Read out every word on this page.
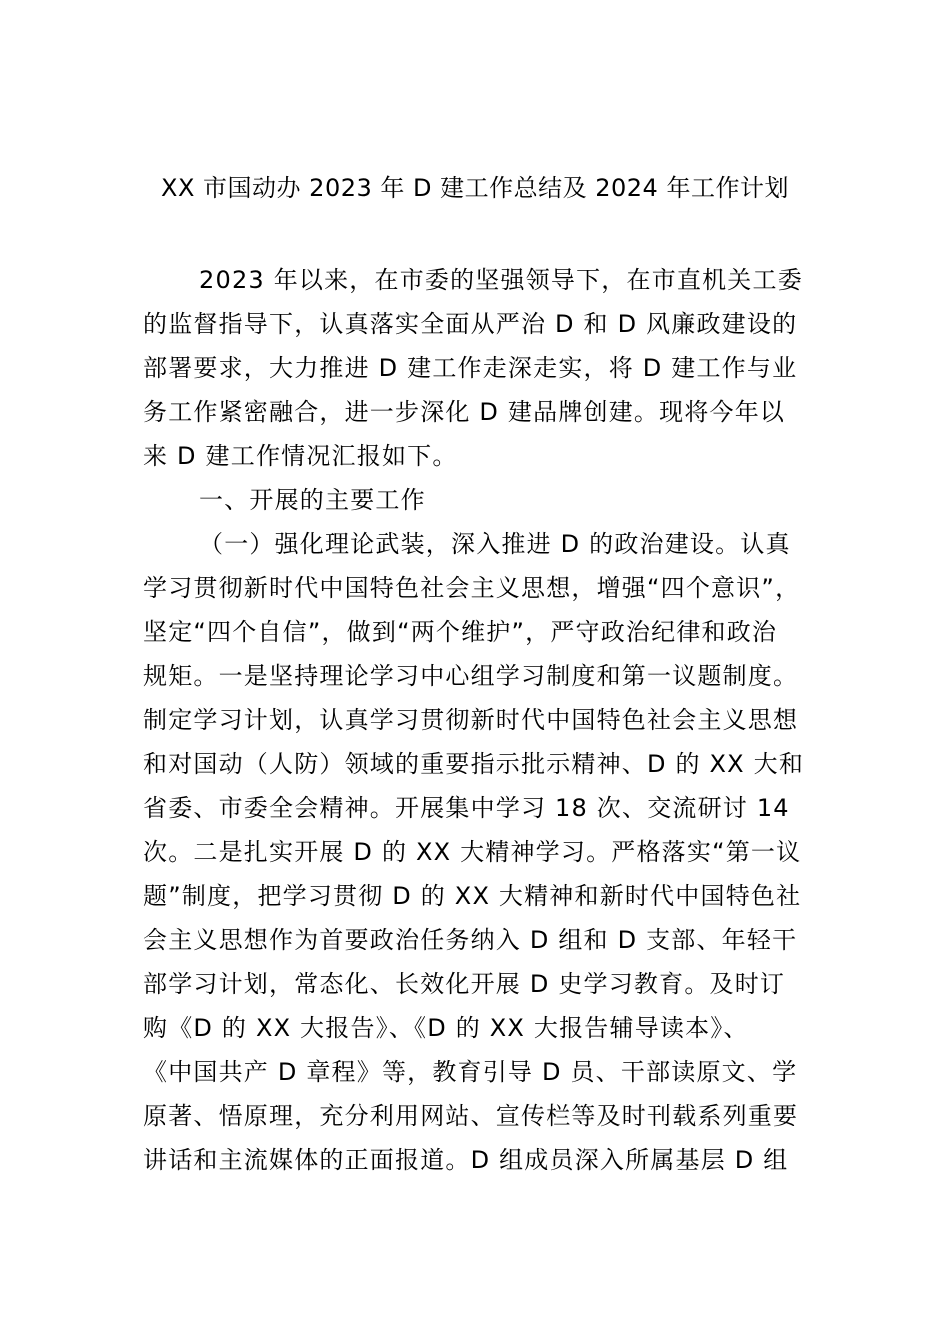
XX 市国动办 2023 年 D 建工作总结及 2024 年工作计划
2023 年以来，在市委的坚强领导下，在市直机关工委
的监督指导下，认真落实全面从严治 D 和 D 风廉政建设的
部署要求，大力推进 D 建工作走深走实，将 D 建工作与业
务工作紧密融合，进一步深化 D 建品牌创建。现将今年以
来 D 建工作情况汇报如下。
一、开展的主要工作
（一）强化理论武装，深入推进 D 的政治建设。认真
学习贯彻新时代中国特色社会主义思想，增强“四个意识”，
坚定“四个自信”，做到“两个维护”，严守政治纪律和政治
规矩。一是坚持理论学习中心组学习制度和第一议题制度。
制定学习计划，认真学习贯彻新时代中国特色社会主义思想
和对国动（人防）领域的重要指示批示精神、D 的 XX 大和
省委、市委全会精神。开展集中学习 18 次、交流研讨 14
次。二是扎实开展 D 的 XX 大精神学习。严格落实“第一议
题”制度，把学习贯彻 D 的 XX 大精神和新时代中国特色社
会主义思想作为首要政治任务纳入 D 组和 D 支部、年轻干
部学习计划，常态化、长效化开展 D 史学习教育。及时订
购《D 的 XX 大报告》、《D 的 XX 大报告辅导读本》、
《中国共产 D 章程》等，教育引导 D 员、干部读原文、学
原著、悟原理，充分利用网站、宣传栏等及时刊载系列重要
讲话和主流媒体的正面报道。D 组成员深入所属基层 D 组
